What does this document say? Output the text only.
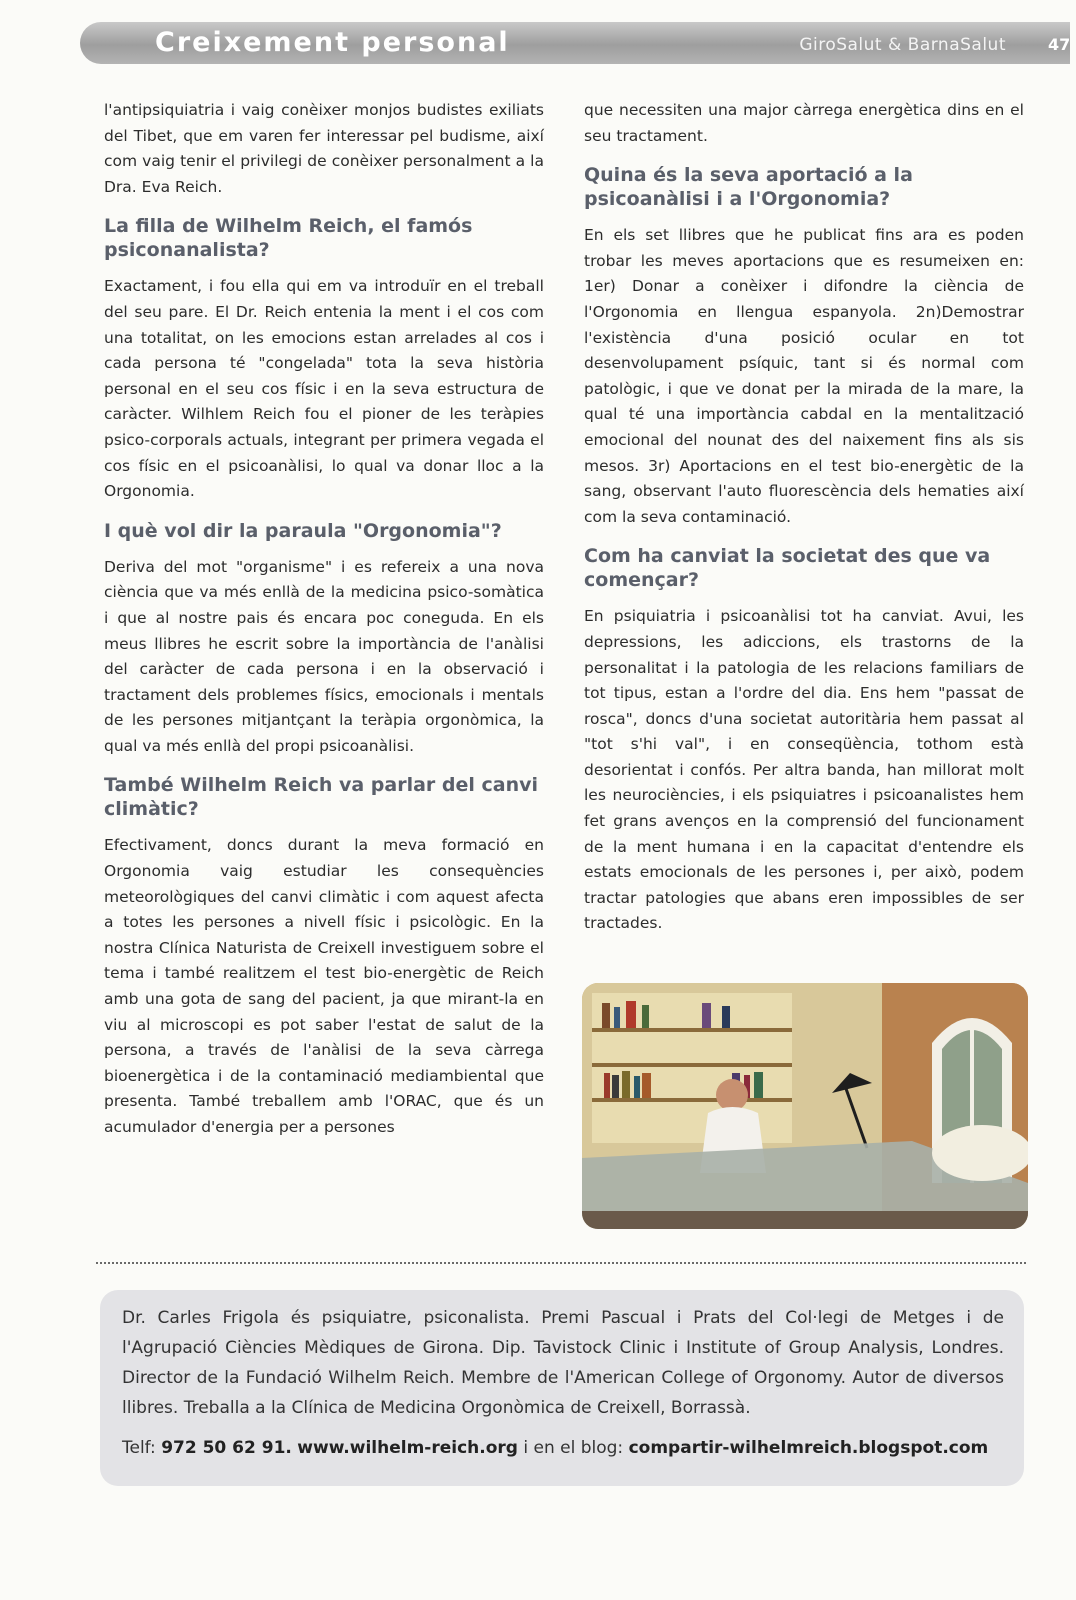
Creixement personal	GiroSalut & BarnaSalut	47

l'antipsiquiatria i vaig conèixer monjos budistes exiliats del Tibet, que em varen fer interessar pel budisme, així com vaig tenir el privilegi de conèixer personalment a la Dra. Eva Reich.

La filla de Wilhelm Reich, el famós psiconanalista?

Exactament, i fou ella qui em va introduïr en el treball del seu pare. El Dr. Reich entenia la ment i el cos com una totalitat, on les emocions estan arrelades al cos i cada persona té "congelada" tota la seva història personal en el seu cos físic i en la seva estructura de caràcter. Wilhlem Reich fou el pioner de les teràpies psico-corporals actuals, integrant per primera vegada el cos físic en el psicoanàlisi, lo qual va donar lloc a la Orgonomia.

I què vol dir la paraula "Orgonomia"?

Deriva del mot "organisme" i es refereix a una nova ciència que va més enllà de la medicina psico-somàtica i que al nostre pais és encara poc coneguda. En els meus llibres he escrit sobre la importància de l'anàlisi del caràcter de cada persona i en la observació i tractament dels problemes físics, emocionals i mentals de les persones mitjantçant la teràpia orgonòmica, la qual va més enllà del propi psicoanàlisi.

També Wilhelm Reich va parlar del canvi climàtic?

Efectivament, doncs durant la meva formació en Orgonomia vaig estudiar les consequències meteorològiques del canvi climàtic i com aquest afecta a totes les persones a nivell físic i psicològic. En la nostra Clínica Naturista de Creixell investiguem sobre el tema i també realitzem el test bio-energètic de Reich amb una gota de sang del pacient, ja que mirant-la en viu al microscopi es pot saber l'estat de salut de la persona, a través de l'anàlisi de la seva càrrega bioenergètica i de la contaminació mediambiental que presenta. També treballem amb l'ORAC, que és un acumulador d'energia per a persones

que necessiten una major càrrega energètica dins en el seu tractament.

Quina és la seva aportació a la psicoanàlisi i a l'Orgonomia?

En els set llibres que he publicat fins ara es poden trobar les meves aportacions que es resumeixen en: 1er) Donar a conèixer i difondre la ciència de l'Orgonomia en llengua espanyola. 2n)Demostrar l'existència d'una posició ocular en tot desenvolupament psíquic, tant si és normal com patològic, i que ve donat per la mirada de la mare, la qual té una importància cabdal en la mentalització emocional del nounat des del naixement fins als sis mesos. 3r) Aportacions en el test bio-energètic de la sang, observant l'auto fluorescència dels hematies així com la seva contaminació.

Com ha canviat la societat des que va començar?

En psiquiatria i psicoanàlisi tot ha canviat. Avui, les depressions, les adiccions, els trastorns de la personalitat i la patologia de les relacions familiars de tot tipus, estan a l'ordre del dia. Ens hem "passat de rosca", doncs d'una societat autoritària hem passat al "tot s'hi val", i en conseqüència, tothom està desorientat i confós. Per altra banda, han millorat molt les neurociències, i els psiquiatres i psicoanalistes hem fet grans avenços en la comprensió del funcionament de la ment humana i en la capacitat d'entendre els estats emocionals de les persones i, per això, podem tractar patologies que abans eren impossibles de ser tractades.

Dr. Carles Frigola és psiquiatre, psiconalista. Premi Pascual i Prats del Col·legi de Metges i de l'Agrupació Ciències Mèdiques de Girona. Dip. Tavistock Clinic i Institute of Group Analysis, Londres. Director de la Fundació Wilhelm Reich. Membre de l'American College of Orgonomy. Autor de diversos llibres. Treballa a la Clínica de Medicina Orgonòmica de Creixell, Borrassà.
Telf: 972 50 62 91. www.wilhelm-reich.org i en el blog: compartir-wilhelmreich.blogspot.com
